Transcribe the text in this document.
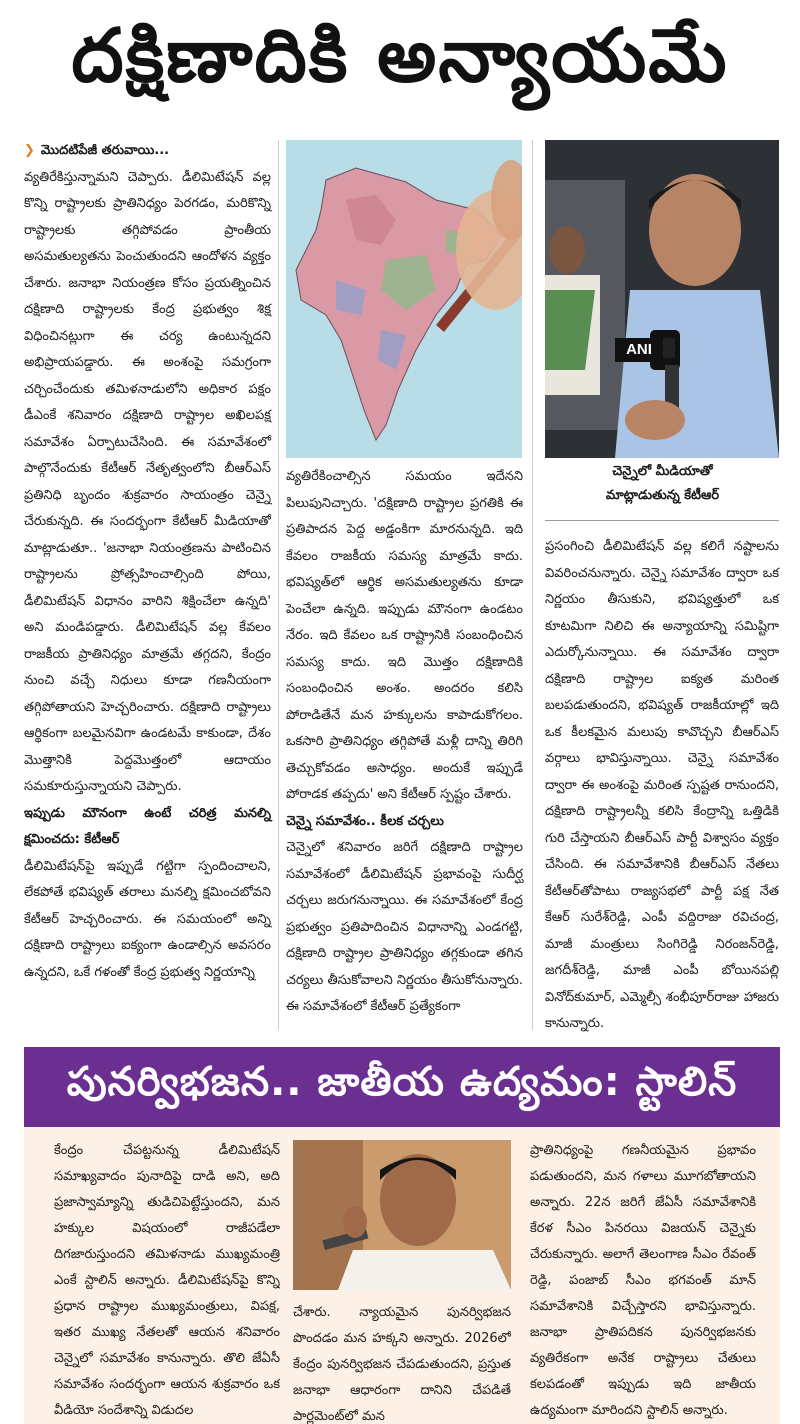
దక్షిణాదికి అన్యాయమే

❯ మొదటిపేజీ తరువాయి...

వ్యతిరేకిస్తున్నామని చెప్పారు. డీలిమిటేషన్ వల్ల కొన్ని రాష్ట్రాలకు ప్రాతినిధ్యం పెరగడం, మరికొన్ని రాష్ట్రాలకు తగ్గిపోవడం ప్రాంతీయ అసమతుల్యతను పెంచుతుందని ఆందోళన వ్యక్తం చేశారు. జనాభా నియంత్రణ కోసం ప్రయత్నించిన దక్షిణాది రాష్ట్రాలకు కేంద్ర ప్రభుత్వం శిక్ష విధించినట్లుగా ఈ చర్య ఉంటున్నదని అభిప్రాయపడ్డారు. ఈ అంశంపై సమగ్రంగా చర్చించేందుకు తమిళనాడులోని అధికార పక్షం డీఎంకే శనివారం దక్షిణాది రాష్ట్రాల అఖిలపక్ష సమావేశం ఏర్పాటుచేసింది. ఈ సమావేశంలో పాల్గొనేందుకు కేటీఆర్ నేతృత్వంలోని బీఆర్ఎస్ ప్రతినిధి బృందం శుక్రవారం సాయంత్రం చెన్నై చేరుకున్నది. ఈ సందర్భంగా కేటీఆర్ మీడియాతో మాట్లాడుతూ.. 'జనాభా నియంత్రణను పాటించిన రాష్ట్రాలను ప్రోత్సహించాల్సింది పోయి, డీలిమిటేషన్ విధానం వారిని శిక్షించేలా ఉన్నది' అని మండిపడ్డారు. డీలిమిటేషన్ వల్ల కేవలం రాజకీయ ప్రాతినిధ్యం మాత్రమే తగ్గదని, కేంద్రం నుంచి వచ్చే నిధులు కూడా గణనీయంగా తగ్గిపోతాయని హెచ్చరించారు. దక్షిణాది రాష్ట్రాలు ఆర్థికంగా బలమైనవిగా ఉండటమే కాకుండా, దేశం మొత్తానికి పెద్దమొత్తంలో ఆదాయం సమకూరుస్తున్నాయని చెప్పారు.

ఇప్పుడు మౌనంగా ఉంటే చరిత్ర మనల్ని క్షమించదు: కేటీఆర్

డీలిమిటేషన్‌పై ఇప్పుడే గట్టిగా స్పందించాలని, లేకపోతే భవిష్యత్ తరాలు మనల్ని క్షమించబోవని కేటీఆర్ హెచ్చరించారు. ఈ సమయంలో అన్ని దక్షిణాది రాష్ట్రాలు ఐక్యంగా ఉండాల్సిన అవసరం ఉన్నదని, ఒకే గళంతో కేంద్ర ప్రభుత్వ నిర్ణయాన్ని

ANI
చెన్నైలో మీడియాతో మాట్లాడుతున్న కేటీఆర్

వ్యతిరేకించాల్సిన సమయం ఇదేనని పిలుపునిచ్చారు. 'దక్షిణాది రాష్ట్రాల ప్రగతికి ఈ ప్రతిపాదన పెద్ద అడ్డంకిగా మారనున్నది. ఇది కేవలం రాజకీయ సమస్య మాత్రమే కాదు. భవిష్యత్‌లో ఆర్థిక అసమతుల్యతను కూడా పెంచేలా ఉన్నది. ఇప్పుడు మౌనంగా ఉండటం నేరం. ఇది కేవలం ఒక రాష్ట్రానికి సంబంధించిన సమస్య కాదు. ఇది మొత్తం దక్షిణాదికి సంబంధించిన అంశం. అందరం కలిసి పోరాడితేనే మన హక్కులను కాపాడుకోగలం. ఒకసారి ప్రాతినిధ్యం తగ్గిపోతే మళ్లీ దాన్ని తిరిగి తెచ్చుకోవడం అసాధ్యం. అందుకే ఇప్పుడే పోరాడక తప్పదు' అని కేటీఆర్ స్పష్టం చేశారు.

చెన్నై సమావేశం.. కీలక చర్చలు

చెన్నైలో శనివారం జరిగే దక్షిణాది రాష్ట్రాల సమావేశంలో డీలిమిటేషన్ ప్రభావంపై సుదీర్ఘ చర్చలు జరుగనున్నాయి. ఈ సమావేశంలో కేంద్ర ప్రభుత్వం ప్రతిపాదించిన విధానాన్ని ఎండగట్టి, దక్షిణాది రాష్ట్రాల ప్రాతినిధ్యం తగ్గకుండా తగిన చర్యలు తీసుకోవాలని నిర్ణయం తీసుకోనున్నారు. ఈ సమావేశంలో కేటీఆర్ ప్రత్యేకంగా

ప్రసంగించి డీలిమిటేషన్ వల్ల కలిగే నష్టాలను వివరించనున్నారు. చెన్నై సమావేశం ద్వారా ఒక నిర్ణయం తీసుకుని, భవిష్యత్తులో ఒక కూటమిగా నిలిచి ఈ అన్యాయాన్ని సమిష్టిగా ఎదుర్కోనున్నాయి. ఈ సమావేశం ద్వారా దక్షిణాది రాష్ట్రాల ఐక్యత మరింత బలపడుతుందని, భవిష్యత్ రాజకీయాల్లో ఇది ఒక కీలకమైన మలుపు కావొచ్చని బీఆర్ఎస్ వర్గాలు భావిస్తున్నాయి. చెన్నై సమావేశం ద్వారా ఈ అంశంపై మరింత స్పష్టత రానుందని, దక్షిణాది రాష్ట్రాలన్నీ కలిసి కేంద్రాన్ని ఒత్తిడికి గురి చేస్తాయని బీఆర్ఎస్ పార్టీ విశ్వాసం వ్యక్తం చేసింది. ఈ సమావేశానికి బీఆర్ఎస్ నేతలు కేటీఆర్‌తోపాటు రాజ్యసభలో పార్టీ పక్ష నేత కేఆర్ సురేశ్‌రెడ్డి, ఎంపీ వద్దిరాజు రవిచంద్ర, మాజీ మంత్రులు సింగిరెడ్డి నిరంజన్‌రెడ్డి, జగదీశ్‌రెడ్డి, మాజీ ఎంపీ బోయినపల్లి వినోద్‌కుమార్, ఎమ్మెల్సీ శంభీపూర్‌రాజు హాజరు కానున్నారు.

పునర్విభజన.. జాతీయ ఉద్యమం: స్టాలిన్

కేంద్రం చేపట్టనున్న డీలిమిటేషన్ సమాఖ్యవాదం పునాదిపై దాడి అని, అది ప్రజాస్వామ్యాన్ని తుడిచిపెట్టేస్తుందని, మన హక్కుల విషయంలో రాజీపడేలా దిగజారుస్తుందని తమిళనాడు ముఖ్యమంత్రి ఎంకే స్టాలిన్ అన్నారు. డీలిమిటేషన్‌పై కొన్ని ప్రధాన రాష్ట్రాల ముఖ్యమంత్రులు, విపక్ష, ఇతర ముఖ్య నేతలతో ఆయన శనివారం చెన్నైలో సమావేశం కానున్నారు. తొలి జేఏసీ సమావేశం సందర్భంగా ఆయన శుక్రవారం ఒక వీడియో సందేశాన్ని విడుదల

చేశారు. న్యాయమైన పునర్విభజన పొందడం మన హక్కని అన్నారు. 2026లో కేంద్రం పునర్విభజన చేపడుతుందని, ప్రస్తుత జనాభా ఆధారంగా దానిని చేపడితే పార్లమెంట్‌లో మన

ప్రాతినిధ్యంపై గణనీయమైన ప్రభావం పడుతుందని, మన గళాలు మూగబోతాయని అన్నారు. 22న జరిగే జేఏసీ సమావేశానికి కేరళ సీఎం పినరయి విజయన్ చెన్నైకు చేరుకున్నారు. అలాగే తెలంగాణ సీఎం రేవంత్ రెడ్డి, పంజాబ్ సీఎం భగవంత్ మాన్ సమావేశానికి విచ్చేస్తారని భావిస్తున్నారు. జనాభా ప్రాతిపదికన పునర్విభజనకు వ్యతిరేకంగా అనేక రాష్ట్రాలు చేతులు కలపడంతో ఇప్పుడు ఇది జాతీయ ఉద్యమంగా మారిందని స్టాలిన్ అన్నారు.
